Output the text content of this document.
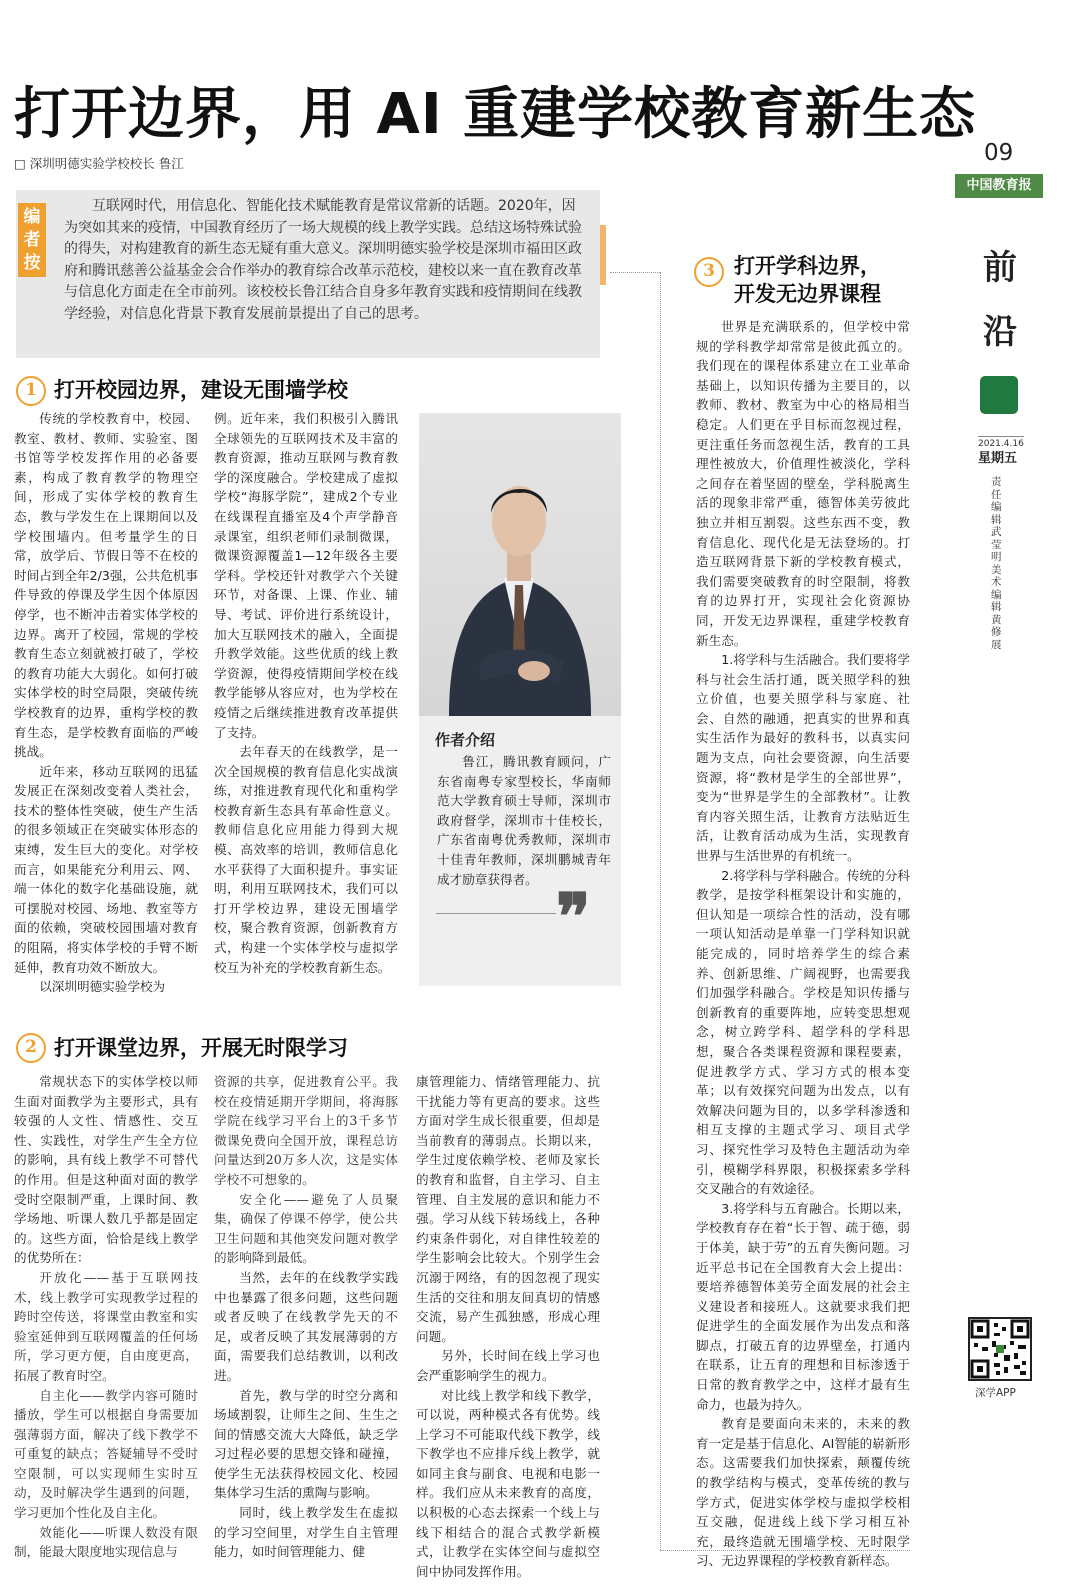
打开边界，用 AI 重建学校教育新生态
□ 深圳明德实验学校校长 鲁江
编者按
互联网时代，用信息化、智能化技术赋能教育是常议常新的话题。2020年，因为突如其来的疫情，中国教育经历了一场大规模的线上教学实践。总结这场特殊试验的得失，对构建教育的新生态无疑有重大意义。深圳明德实验学校是深圳市福田区政府和腾讯慈善公益基金会合作举办的教育综合改革示范校，建校以来一直在教育改革与信息化方面走在全市前列。该校校长鲁江结合自身多年教育实践和疫情期间在线教学经验，对信息化背景下教育发展前景提出了自己的思考。
1 打开校园边界，建设无围墙学校

传统的学校教育中，校园、教室、教材、教师、实验室、图书馆等学校发挥作用的必备要素，构成了教育教学的物理空间，形成了实体学校的教育生态，教与学发生在上课期间以及学校围墙内。但考量学生的日常，放学后、节假日等不在校的时间占到全年2/3强，公共危机事件导致的停课及学生因个体原因停学，也不断冲击着实体学校的边界。离开了校园，常规的学校教育生态立刻就被打破了，学校的教育功能大大弱化。如何打破实体学校的时空局限，突破传统学校教育的边界，重构学校的教育生态，是学校教育面临的严峻挑战。

近年来，移动互联网的迅猛发展正在深刻改变着人类社会，技术的整体性突破，使生产生活的很多领域正在突破实体形态的束缚，发生巨大的变化。对学校而言，如果能充分利用云、网、端一体化的数字化基础设施，就可摆脱对校园、场地、教室等方面的依赖，突破校园围墙对教育的阻隔，将实体学校的手臂不断延伸，教育功效不断放大。

以深圳明德实验学校为

例。近年来，我们积极引入腾讯全球领先的互联网技术及丰富的教育资源，推动互联网与教育教学的深度融合。学校建成了虚拟学校“海豚学院”，建成2个专业在线课程直播室及4个声学静音录课室，组织老师们录制微课，微课资源覆盖1—12年级各主要学科。学校还针对教学六个关键环节，对备课、上课、作业、辅导、考试、评价进行系统设计，加大互联网技术的融入，全面提升教学效能。这些优质的线上教学资源，使得疫情期间学校在线教学能够从容应对，也为学校在疫情之后继续推进教育改革提供了支持。

去年春天的在线教学，是一次全国规模的教育信息化实战演练，对推进教育现代化和重构学校教育新生态具有革命性意义。教师信息化应用能力得到大规模、高效率的培训，教师信息化水平获得了大面积提升。事实证明，利用互联网技术，我们可以打开学校边界，建设无围墙学校，聚合教育资源，创新教育方式，构建一个实体学校与虚拟学校互为补充的学校教育新生态。

作者介绍
鲁江，腾讯教育顾问，广东省南粤专家型校长，华南师范大学教育硕士导师，深圳市政府督学，深圳市十佳校长，广东省南粤优秀教师，深圳市十佳青年教师，深圳鹏城青年成才励章获得者。
❞
2 打开课堂边界，开展无时限学习

常规状态下的实体学校以师生面对面教学为主要形式，具有较强的人文性、情感性、交互性、实践性，对学生产生全方位的影响，具有线上教学不可替代的作用。但是这种面对面的教学受时空限制严重，上课时间、教学场地、听课人数几乎都是固定的。这些方面，恰恰是线上教学的优势所在：

开放化——基于互联网技术，线上教学可实现教学过程的跨时空传送，将课堂由教室和实验室延伸到互联网覆盖的任何场所，学习更方便，自由度更高，拓展了教育时空。

自主化——教学内容可随时播放，学生可以根据自身需要加强薄弱方面，解决了线下教学不可重复的缺点；答疑辅导不受时空限制，可以实现师生实时互动，及时解决学生遇到的问题，学习更加个性化及自主化。

效能化——听课人数没有限制，能最大限度地实现信息与

资源的共享，促进教育公平。我校在疫情延期开学期间，将海豚学院在线学习平台上的3千多节微课免费向全国开放，课程总访问量达到20万多人次，这是实体学校不可想象的。

安全化——避免了人员聚集，确保了停课不停学，使公共卫生问题和其他突发问题对教学的影响降到最低。

当然，去年的在线教学实践中也暴露了很多问题，这些问题或者反映了在线教学先天的不足，或者反映了其发展薄弱的方面，需要我们总结教训，以利改进。

首先，教与学的时空分离和场域割裂，让师生之间、生生之间的情感交流大大降低，缺乏学习过程必要的思想交锋和碰撞，使学生无法获得校园文化、校园集体学习生活的熏陶与影响。

同时，线上教学发生在虚拟的学习空间里，对学生自主管理能力，如时间管理能力、健

康管理能力、情绪管理能力、抗干扰能力等有更高的要求。这些方面对学生成长很重要，但却是当前教育的薄弱点。长期以来，学生过度依赖学校、老师及家长的教育和监督，自主学习、自主管理、自主发展的意识和能力不强。学习从线下转场线上，各种约束条件弱化，对自律性较差的学生影响会比较大。个别学生会沉溺于网络，有的因忽视了现实生活的交往和朋友间真切的情感交流，易产生孤独感，形成心理问题。

另外，长时间在线上学习也会严重影响学生的视力。

对比线上教学和线下教学，可以说，两种模式各有优势。线上学习不可能取代线下教学，线下教学也不应排斥线上教学，就如同主食与副食、电视和电影一样。我们应从未来教育的高度，以积极的心态去探索一个线上与线下相结合的混合式教学新模式，让教学在实体空间与虚拟空间中协同发挥作用。

3 打开学科边界，
开发无边界课程

世界是充满联系的，但学校中常规的学科教学却常常是彼此孤立的。我们现在的课程体系建立在工业革命基础上，以知识传播为主要目的，以教师、教材、教室为中心的格局相当稳定。人们更在乎目标而忽视过程，更注重任务而忽视生活，教育的工具理性被放大，价值理性被淡化，学科之间存在着坚固的壁垒，学科脱离生活的现象非常严重，德智体美劳彼此独立并相互割裂。这些东西不变，教育信息化、现代化是无法登场的。打造互联网背景下新的学校教育模式，我们需要突破教育的时空限制，将教育的边界打开，实现社会化资源协同，开发无边界课程，重建学校教育新生态。

1.将学科与生活融合。我们要将学科与社会生活打通，既关照学科的独立价值，也要关照学科与家庭、社会、自然的融通，把真实的世界和真实生活作为最好的教科书，以真实问题为支点，向社会要资源，向生活要资源，将“教材是学生的全部世界”，变为“世界是学生的全部教材”。让教育内容关照生活，让教育方法贴近生活，让教育活动成为生活，实现教育世界与生活世界的有机统一。

2.将学科与学科融合。传统的分科教学，是按学科框架设计和实施的，但认知是一项综合性的活动，没有哪一项认知活动是单靠一门学科知识就能完成的，同时培养学生的综合素养、创新思维、广阔视野，也需要我们加强学科融合。学校是知识传播与创新教育的重要阵地，应转变思想观念，树立跨学科、超学科的学科思想，聚合各类课程资源和课程要素，促进教学方式、学习方式的根本变革；以有效探究问题为出发点，以有效解决问题为目的，以多学科渗透和相互支撑的主题式学习、项目式学习、探究性学习及特色主题活动为牵引，模糊学科界限，积极探索多学科交叉融合的有效途径。

3.将学科与五育融合。长期以来，学校教育存在着“长于智、疏于德，弱于体美，缺于劳”的五育失衡问题。习近平总书记在全国教育大会上提出：要培养德智体美劳全面发展的社会主义建设者和接班人。这就要求我们把促进学生的全面发展作为出发点和落脚点，打破五育的边界壁垒，打通内在联系，让五育的理想和目标渗透于日常的教育教学之中，这样才最有生命力，也最为持久。

教育是要面向未来的，未来的教育一定是基于信息化、AI智能的崭新形态。这需要我们加快探索，颠覆传统的教学结构与模式，变革传统的教与学方式，促进实体学校与虚拟学校相互交融，促进线上线下学习相互补充，最终造就无围墙学校、无时限学习、无边界课程的学校教育新样态。

09
中国教育报
前沿
2021.4.16
星期五
责任编辑 武莹明 美术编辑 黄修展
深学APP
